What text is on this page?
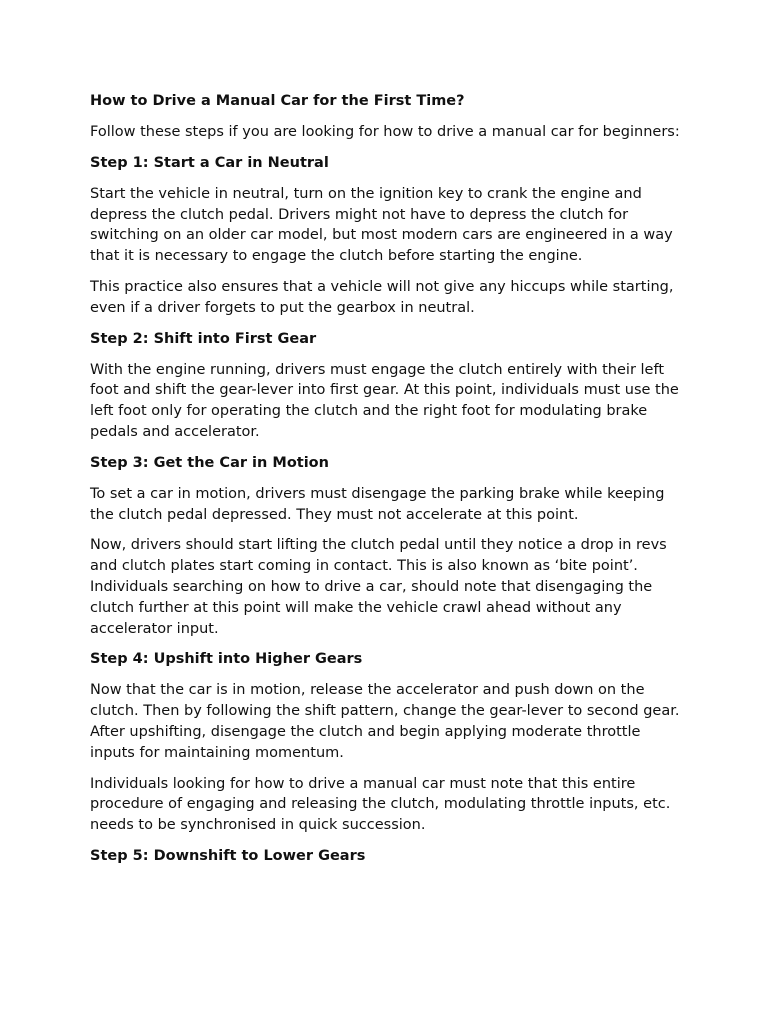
How to Drive a Manual Car for the First Time?
Follow these steps if you are looking for how to drive a manual car for beginners:
Step 1: Start a Car in Neutral
Start the vehicle in neutral, turn on the ignition key to crank the engine and depress the clutch pedal. Drivers might not have to depress the clutch for switching on an older car model, but most modern cars are engineered in a way that it is necessary to engage the clutch before starting the engine.
This practice also ensures that a vehicle will not give any hiccups while starting, even if a driver forgets to put the gearbox in neutral.
Step 2: Shift into First Gear
With the engine running, drivers must engage the clutch entirely with their left foot and shift the gear-lever into first gear. At this point, individuals must use the left foot only for operating the clutch and the right foot for modulating brake pedals and accelerator.
Step 3: Get the Car in Motion
To set a car in motion, drivers must disengage the parking brake while keeping the clutch pedal depressed. They must not accelerate at this point.
Now, drivers should start lifting the clutch pedal until they notice a drop in revs and clutch plates start coming in contact. This is also known as ‘bite point’. Individuals searching on how to drive a car, should note that disengaging the clutch further at this point will make the vehicle crawl ahead without any accelerator input.
Step 4: Upshift into Higher Gears
Now that the car is in motion, release the accelerator and push down on the clutch. Then by following the shift pattern, change the gear-lever to second gear. After upshifting, disengage the clutch and begin applying moderate throttle inputs for maintaining momentum.
Individuals looking for how to drive a manual car must note that this entire procedure of engaging and releasing the clutch, modulating throttle inputs, etc. needs to be synchronised in quick succession.
Step 5: Downshift to Lower Gears
